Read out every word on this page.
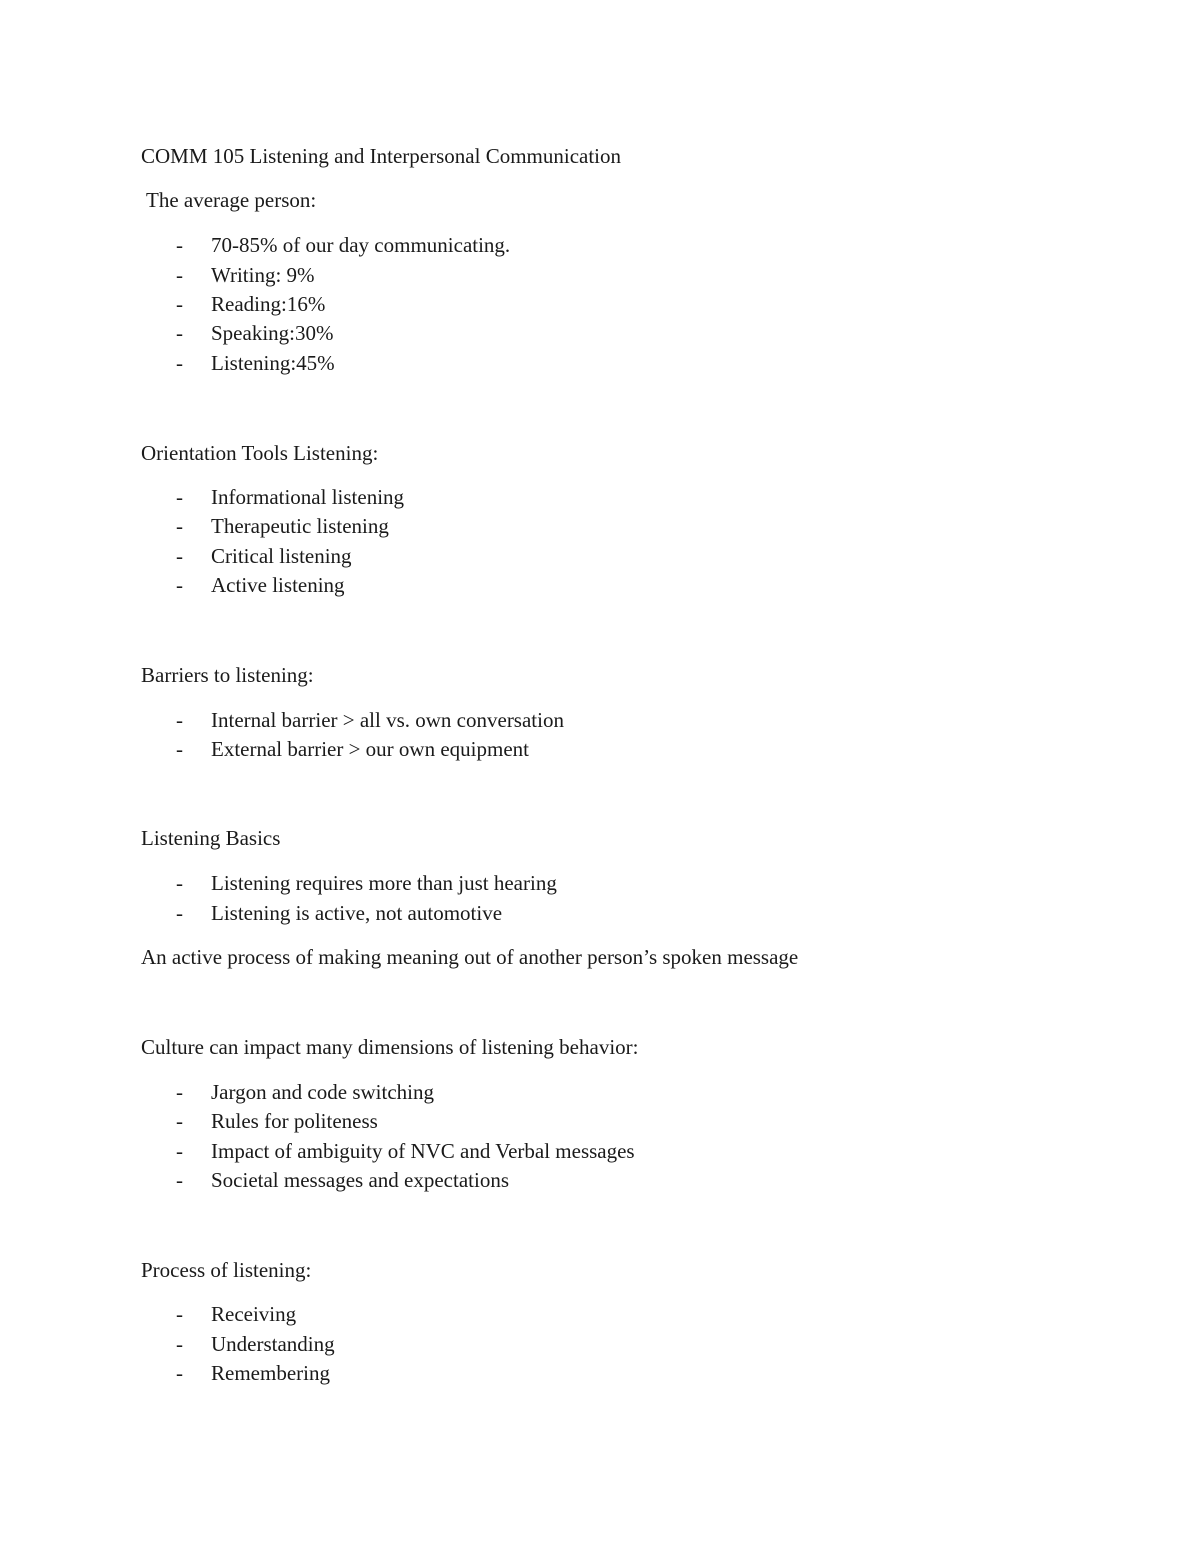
COMM 105 Listening and Interpersonal Communication
The average person:
- 70-85% of our day communicating.
- Writing: 9%
- Reading:16%
- Speaking:30%
- Listening:45%
Orientation Tools Listening:
- Informational listening
- Therapeutic listening
- Critical listening
- Active listening
Barriers to listening:
- Internal barrier > all vs. own conversation
- External barrier > our own equipment
Listening Basics
- Listening requires more than just hearing
- Listening is active, not automotive
An active process of making meaning out of another person’s spoken message
Culture can impact many dimensions of listening behavior:
- Jargon and code switching
- Rules for politeness
- Impact of ambiguity of NVC and Verbal messages
- Societal messages and expectations
Process of listening:
- Receiving
- Understanding
- Remembering
